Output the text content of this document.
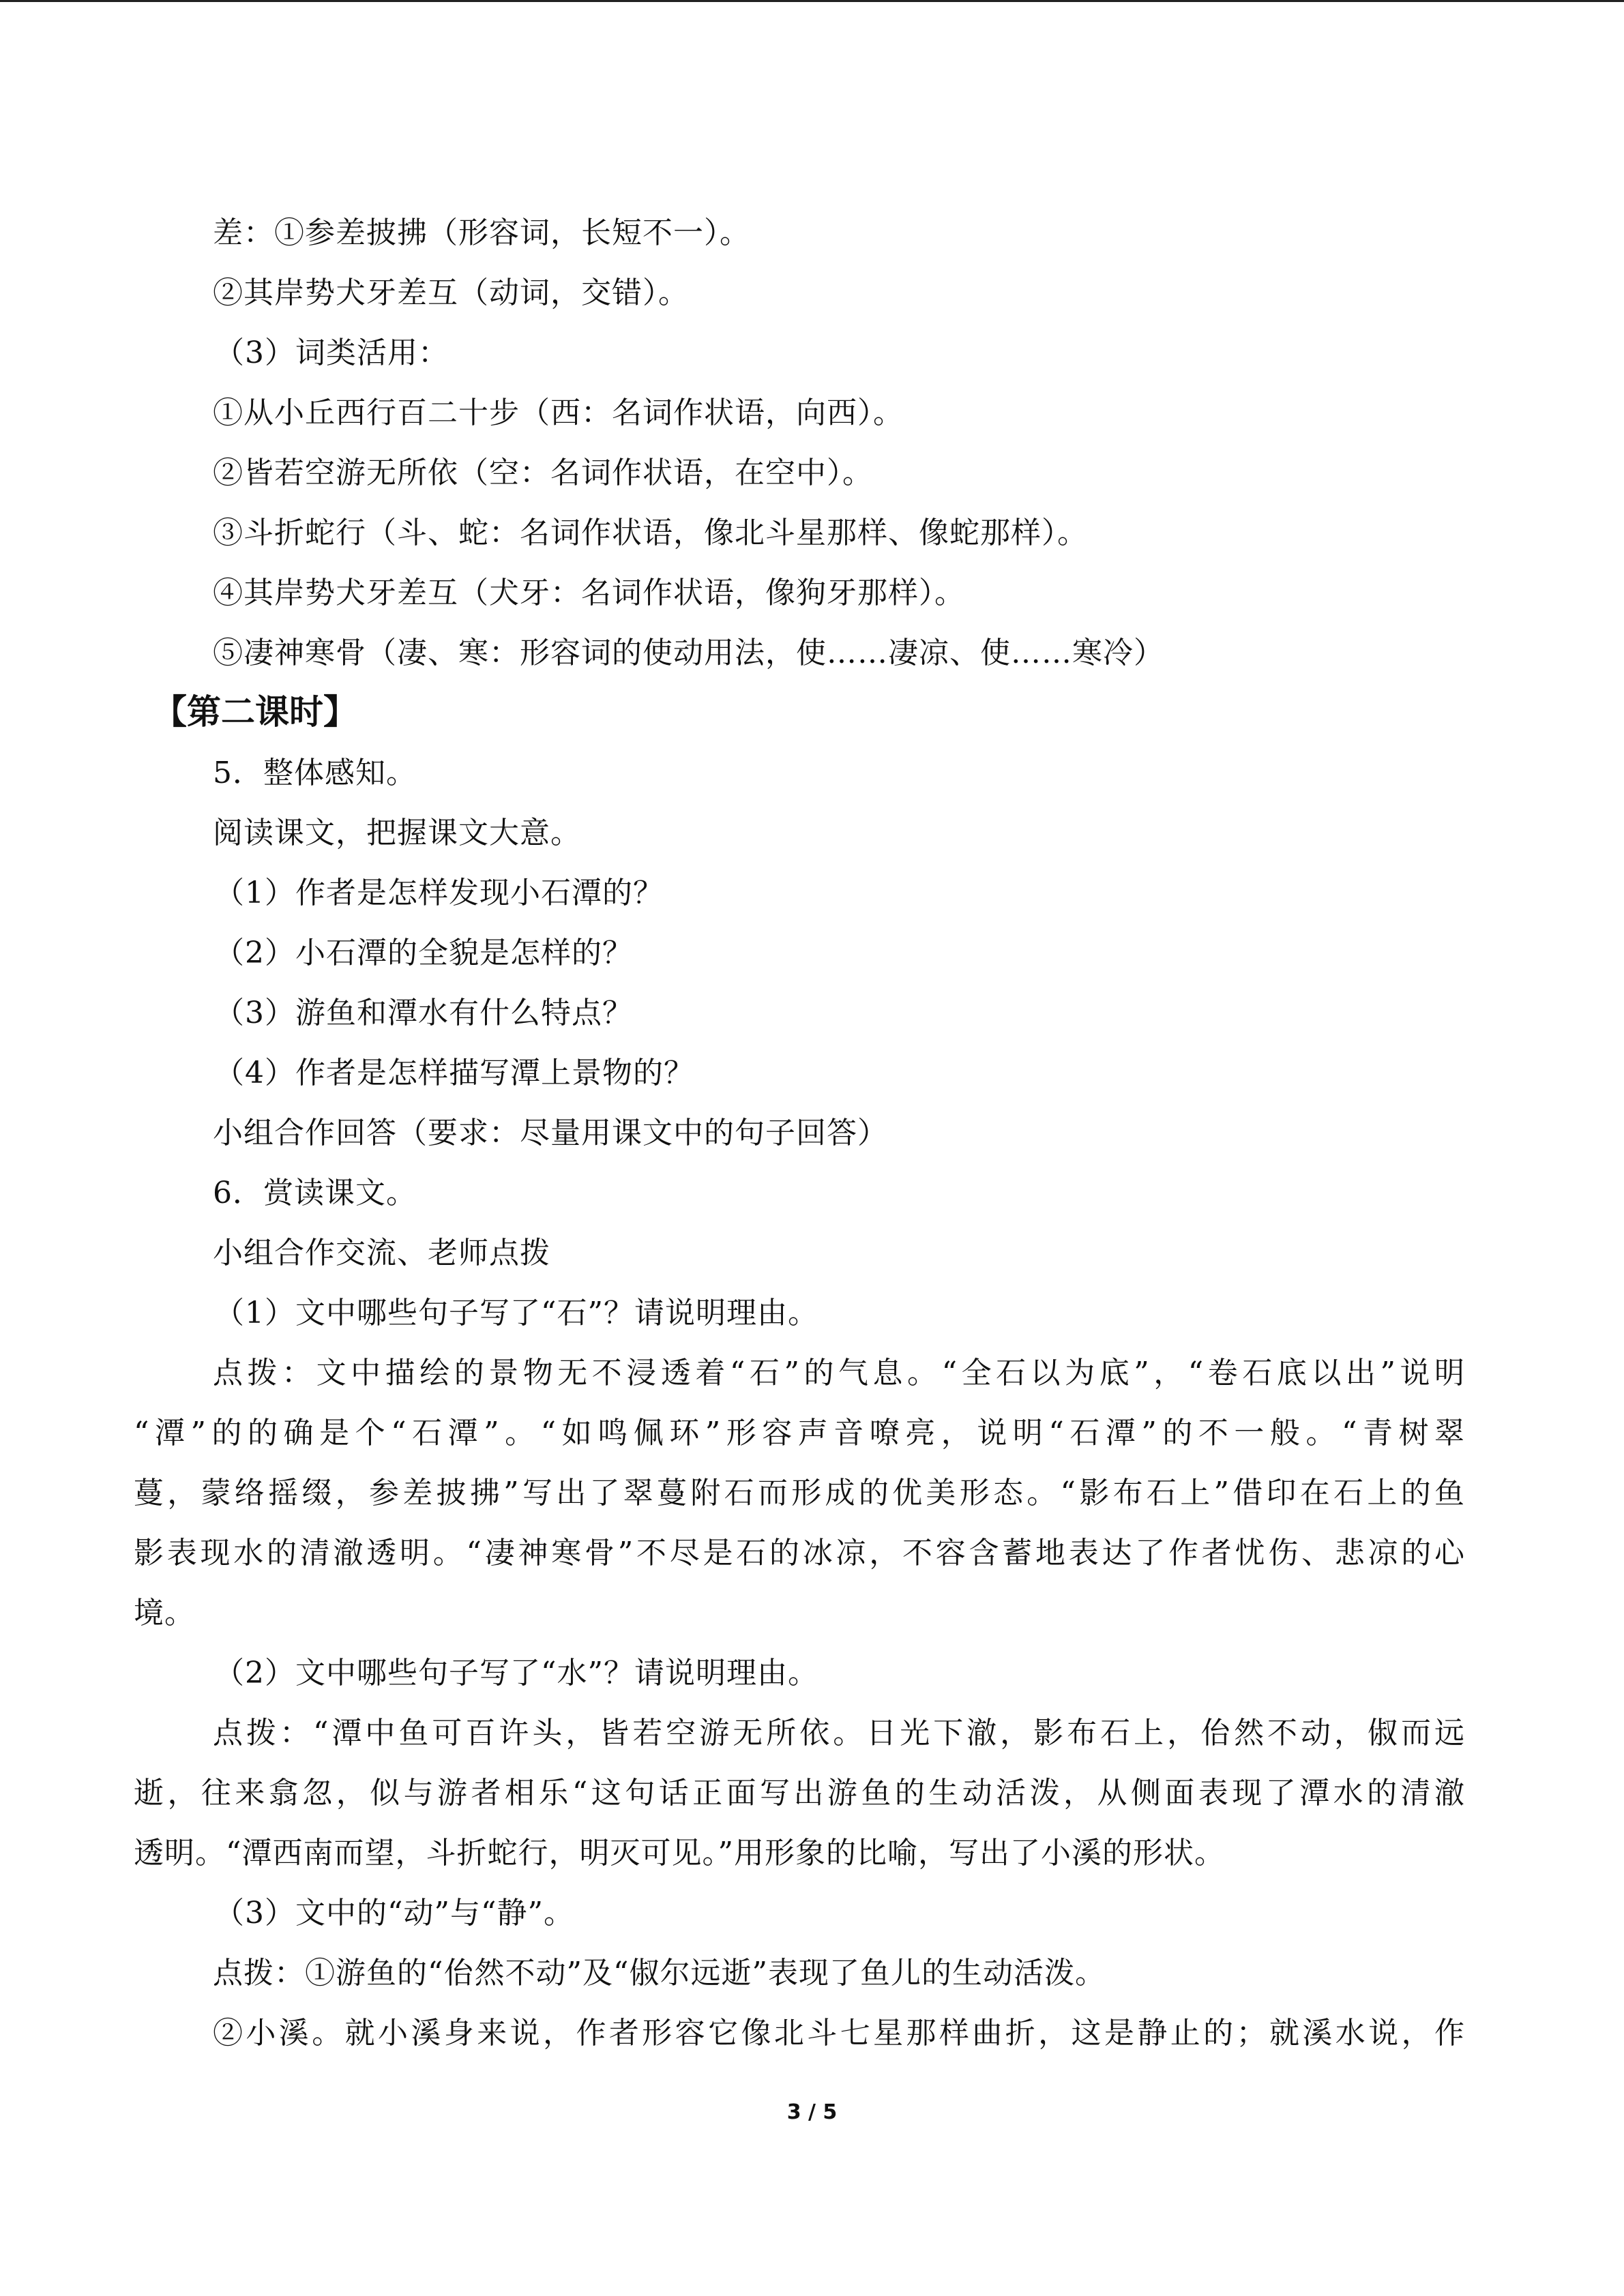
差：①参差披拂（形容词，长短不一）。
②其岸势犬牙差互（动词，交错）。
（3）词类活用：
①从小丘西行百二十步（西：名词作状语，向西）。
②皆若空游无所依（空：名词作状语，在空中）。
③斗折蛇行（斗、蛇：名词作状语，像北斗星那样、像蛇那样）。
④其岸势犬牙差互（犬牙：名词作状语，像狗牙那样）。
⑤凄神寒骨（凄、寒：形容词的使动用法，使……凄凉、使……寒冷）
【第二课时】
5．整体感知。
阅读课文，把握课文大意。
（1）作者是怎样发现小石潭的？
（2）小石潭的全貌是怎样的？
（3）游鱼和潭水有什么特点？
（4）作者是怎样描写潭上景物的？
小组合作回答（要求：尽量用课文中的句子回答）
6．赏读课文。
小组合作交流、老师点拨
（1）文中哪些句子写了“石”？请说明理由。
点拨：文中描绘的景物无不浸透着“石”的气息。“全石以为底”，“卷石底以出”说明
“潭”的的确是个“石潭”。“如鸣佩环”形容声音嘹亮，说明“石潭”的不一般。“青树翠
蔓，蒙络摇缀，参差披拂”写出了翠蔓附石而形成的优美形态。“影布石上”借印在石上的鱼
影表现水的清澈透明。“凄神寒骨”不尽是石的冰凉，不容含蓄地表达了作者忧伤、悲凉的心
境。
（2）文中哪些句子写了“水”？请说明理由。
点拨：“潭中鱼可百许头，皆若空游无所依。日光下澈，影布石上，佁然不动，俶而远
逝，往来翕忽，似与游者相乐“这句话正面写出游鱼的生动活泼，从侧面表现了潭水的清澈
透明。“潭西南而望，斗折蛇行，明灭可见。”用形象的比喻，写出了小溪的形状。
（3）文中的“动”与“静”。
点拨：①游鱼的“佁然不动”及“俶尔远逝”表现了鱼儿的生动活泼。
②小溪。就小溪身来说，作者形容它像北斗七星那样曲折，这是静止的；就溪水说，作
3 / 5
